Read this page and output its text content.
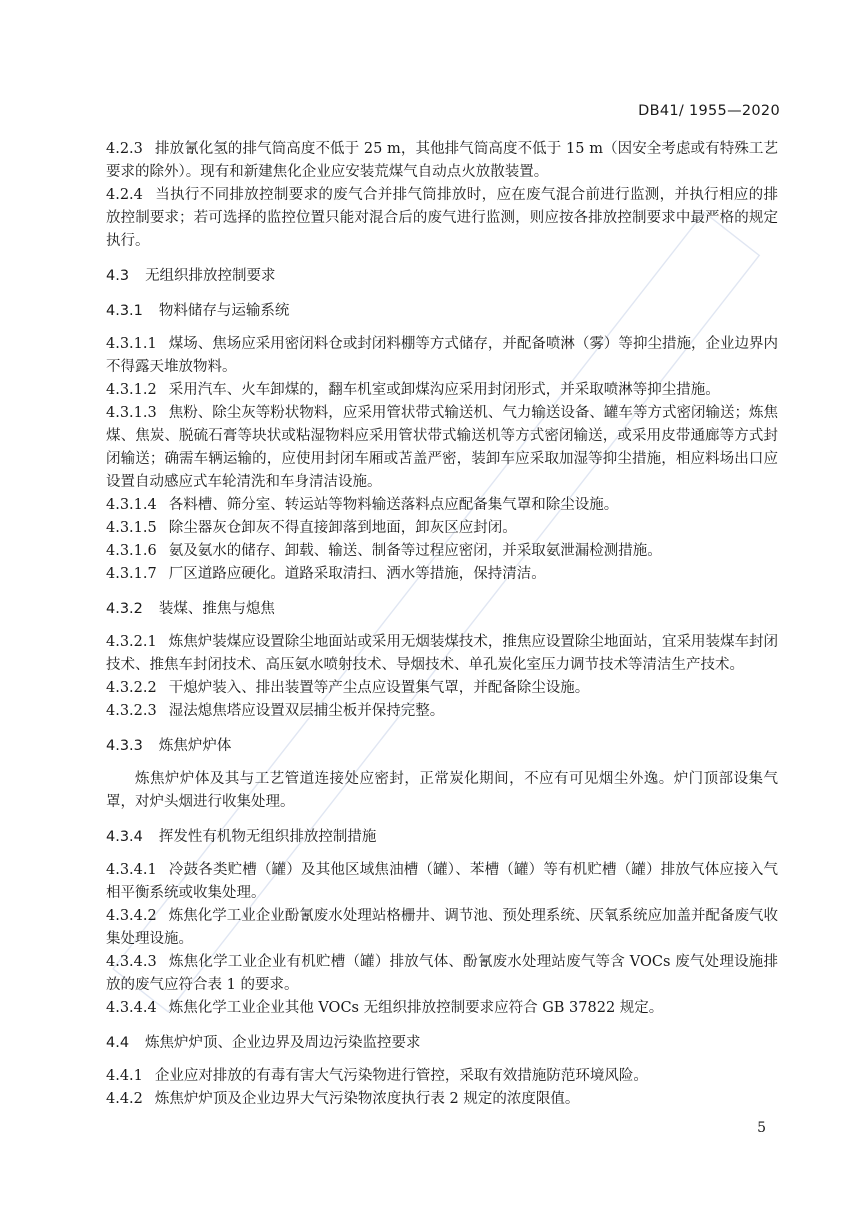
DB41/ 1955—2020
4.2.3 排放氰化氢的排气筒高度不低于 25 m，其他排气筒高度不低于 15 m（因安全考虑或有特殊工艺要求的除外）。现有和新建焦化企业应安装荒煤气自动点火放散装置。
4.2.4 当执行不同排放控制要求的废气合并排气筒排放时，应在废气混合前进行监测，并执行相应的排放控制要求；若可选择的监控位置只能对混合后的废气进行监测，则应按各排放控制要求中最严格的规定执行。
4.3 无组织排放控制要求
4.3.1 物料储存与运输系统
4.3.1.1 煤场、焦场应采用密闭料仓或封闭料棚等方式储存，并配备喷淋（雾）等抑尘措施，企业边界内不得露天堆放物料。
4.3.1.2 采用汽车、火车卸煤的，翻车机室或卸煤沟应采用封闭形式，并采取喷淋等抑尘措施。
4.3.1.3 焦粉、除尘灰等粉状物料，应采用管状带式输送机、气力输送设备、罐车等方式密闭输送；炼焦煤、焦炭、脱硫石膏等块状或粘湿物料应采用管状带式输送机等方式密闭输送，或采用皮带通廊等方式封闭输送；确需车辆运输的，应使用封闭车厢或苫盖严密，装卸车应采取加湿等抑尘措施，相应料场出口应设置自动感应式车轮清洗和车身清洁设施。
4.3.1.4 各料槽、筛分室、转运站等物料输送落料点应配备集气罩和除尘设施。
4.3.1.5 除尘器灰仓卸灰不得直接卸落到地面，卸灰区应封闭。
4.3.1.6 氨及氨水的储存、卸载、输送、制备等过程应密闭，并采取氨泄漏检测措施。
4.3.1.7 厂区道路应硬化。道路采取清扫、洒水等措施，保持清洁。
4.3.2 装煤、推焦与熄焦
4.3.2.1 炼焦炉装煤应设置除尘地面站或采用无烟装煤技术，推焦应设置除尘地面站，宜采用装煤车封闭技术、推焦车封闭技术、高压氨水喷射技术、导烟技术、单孔炭化室压力调节技术等清洁生产技术。
4.3.2.2 干熄炉装入、排出装置等产尘点应设置集气罩，并配备除尘设施。
4.3.2.3 湿法熄焦塔应设置双层捕尘板并保持完整。
4.3.3 炼焦炉炉体
炼焦炉炉体及其与工艺管道连接处应密封，正常炭化期间，不应有可见烟尘外逸。炉门顶部设集气罩，对炉头烟进行收集处理。
4.3.4 挥发性有机物无组织排放控制措施
4.3.4.1 冷鼓各类贮槽（罐）及其他区域焦油槽（罐）、苯槽（罐）等有机贮槽（罐）排放气体应接入气相平衡系统或收集处理。
4.3.4.2 炼焦化学工业企业酚氰废水处理站格栅井、调节池、预处理系统、厌氧系统应加盖并配备废气收集处理设施。
4.3.4.3 炼焦化学工业企业有机贮槽（罐）排放气体、酚氰废水处理站废气等含 VOCs 废气处理设施排放的废气应符合表 1 的要求。
4.3.4.4 炼焦化学工业企业其他 VOCs 无组织排放控制要求应符合 GB 37822 规定。
4.4 炼焦炉炉顶、企业边界及周边污染监控要求
4.4.1 企业应对排放的有毒有害大气污染物进行管控，采取有效措施防范环境风险。
4.4.2 炼焦炉炉顶及企业边界大气污染物浓度执行表 2 规定的浓度限值。
5
